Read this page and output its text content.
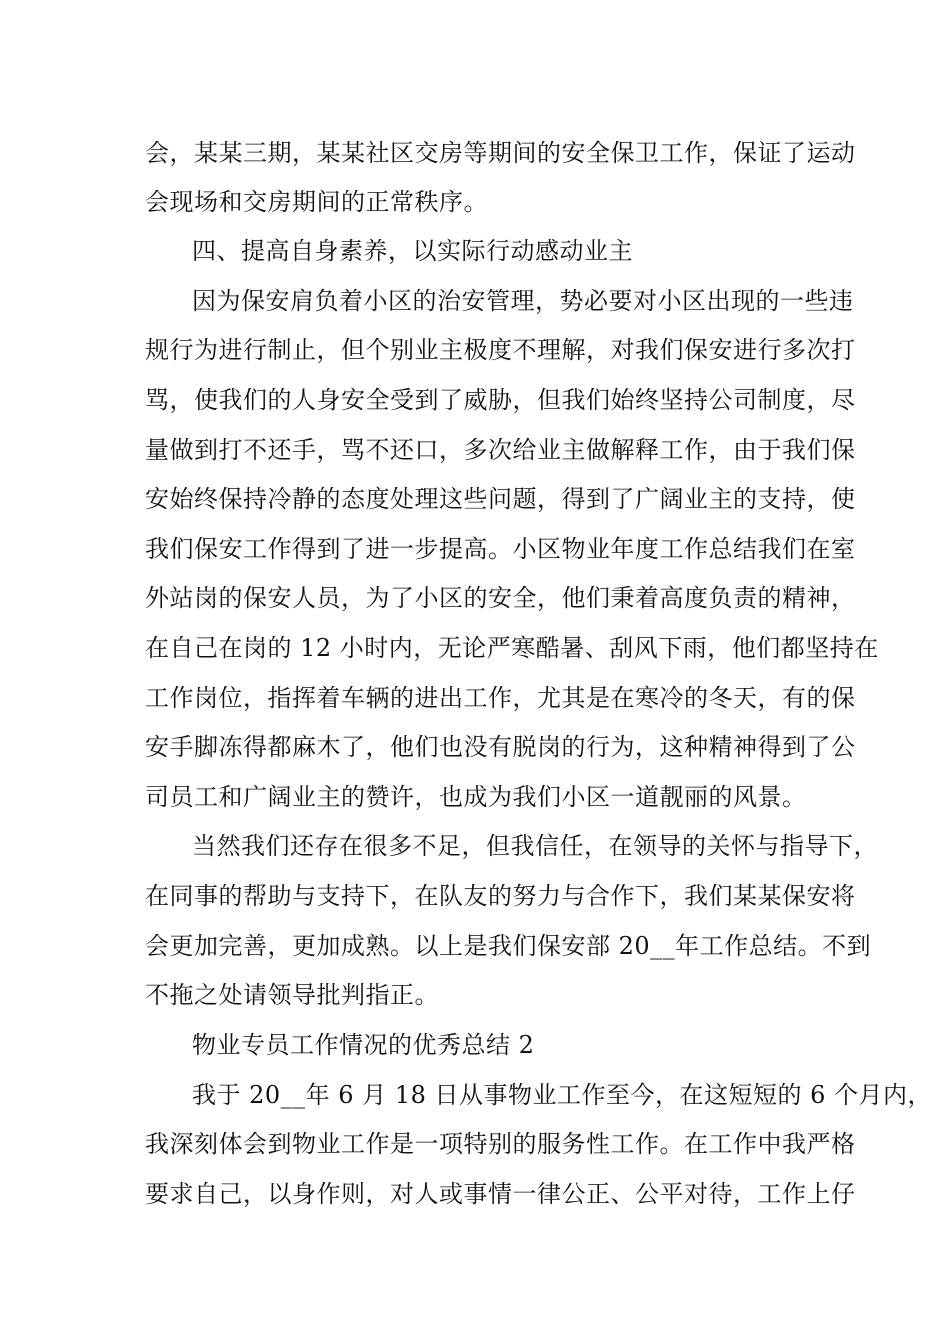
会，某某三期，某某社区交房等期间的安全保卫工作，保证了运动
会现场和交房期间的正常秩序。
四、提高自身素养，以实际行动感动业主
因为保安肩负着小区的治安管理，势必要对小区出现的一些违
规行为进行制止，但个别业主极度不理解，对我们保安进行多次打
骂，使我们的人身安全受到了威胁，但我们始终坚持公司制度，尽
量做到打不还手，骂不还口，多次给业主做解释工作，由于我们保
安始终保持冷静的态度处理这些问题，得到了广阔业主的支持，使
我们保安工作得到了进一步提高。小区物业年度工作总结我们在室
外站岗的保安人员，为了小区的安全，他们秉着高度负责的精神，
在自己在岗的 12 小时内，无论严寒酷暑、刮风下雨，他们都坚持在
工作岗位，指挥着车辆的进出工作，尤其是在寒冷的冬天，有的保
安手脚冻得都麻木了，他们也没有脱岗的行为，这种精神得到了公
司员工和广阔业主的赞许，也成为我们小区一道靓丽的风景。
当然我们还存在很多不足，但我信任，在领导的关怀与指导下，
在同事的帮助与支持下，在队友的努力与合作下，我们某某保安将
会更加完善，更加成熟。以上是我们保安部 20__年工作总结。不到
不拖之处请领导批判指正。
物业专员工作情况的优秀总结 2
我于 20__年 6 月 18 日从事物业工作至今，在这短短的 6 个月内，
我深刻体会到物业工作是一项特别的服务性工作。在工作中我严格
要求自己，以身作则，对人或事情一律公正、公平对待，工作上仔
